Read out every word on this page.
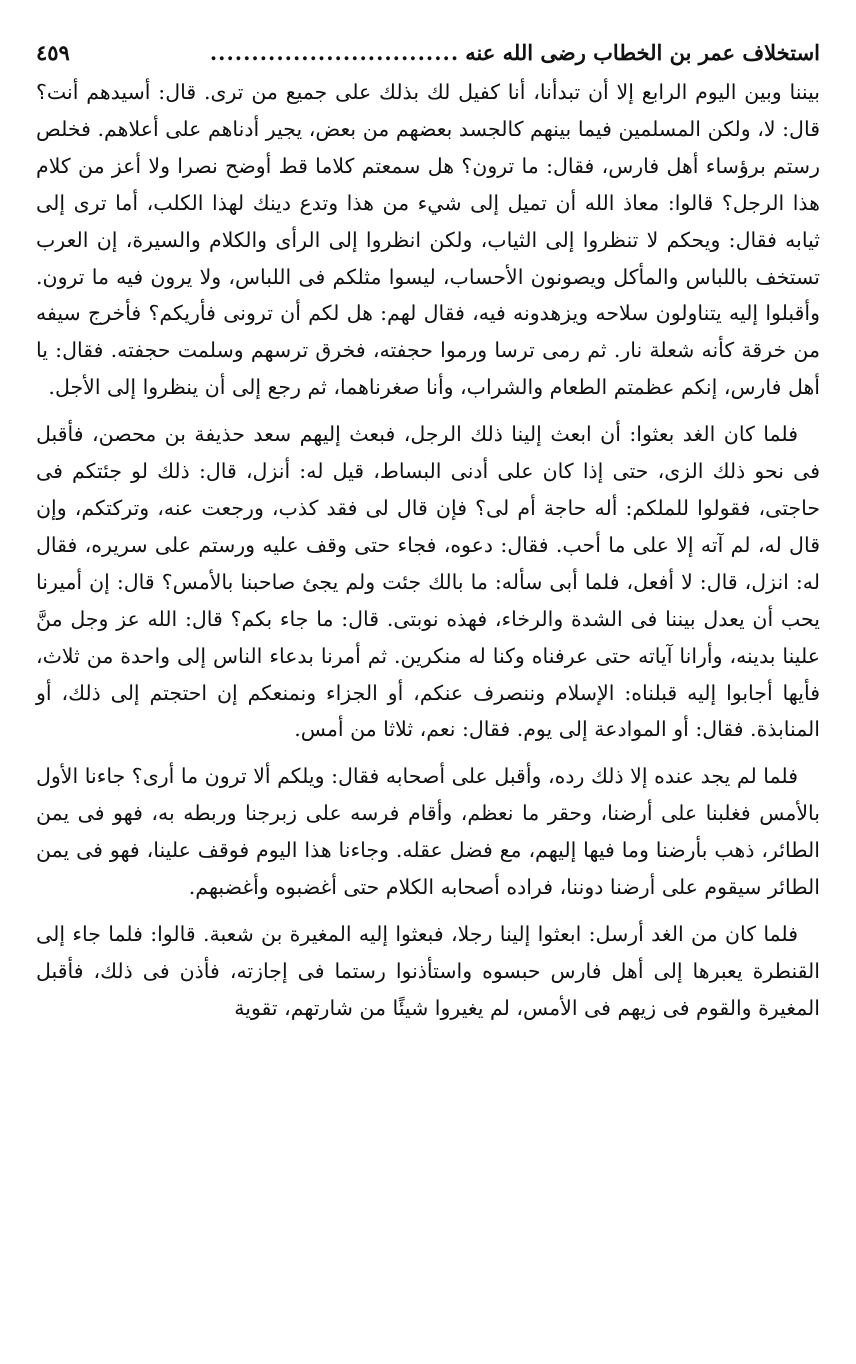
استخلاف عمر بن الخطاب رضى الله عنه
..............................
٤٥٩

بيننا وبين اليوم الرابع إلا أن تبدأنا، أنا كفيل لك بذلك على جميع من ترى. قال: أسيدهم أنت؟ قال: لا، ولكن المسلمين فيما بينهم كالجسد بعضهم من بعض، يجير أدناهم على أعلاهم. فخلص رستم برؤساء أهل فارس، فقال: ما ترون؟ هل سمعتم كلاما قط أوضح نصرا ولا أعز من كلام هذا الرجل؟ قالوا: معاذ الله أن تميل إلى شيء من هذا وتدع دينك لهذا الكلب، أما ترى إلى ثيابه فقال: ويحكم لا تنظروا إلى الثياب، ولكن انظروا إلى الرأى والكلام والسيرة، إن العرب تستخف باللباس والمأكل ويصونون الأحساب، ليسوا مثلكم فى اللباس، ولا يرون فيه ما ترون. وأقبلوا إليه يتناولون سلاحه ويزهدونه فيه، فقال لهم: هل لكم أن ترونى فأريكم؟ فأخرج سيفه من خرقة كأنه شعلة نار. ثم رمى ترسا ورموا حجفته، فخرق ترسهم وسلمت حجفته. فقال: يا أهل فارس، إنكم عظمتم الطعام والشراب، وأنا صغرناهما، ثم رجع إلى أن ينظروا إلى الأجل.

فلما كان الغد بعثوا: أن ابعث إلينا ذلك الرجل، فبعث إليهم سعد حذيفة بن محصن، فأقبل فى نحو ذلك الزى، حتى إذا كان على أدنى البساط، قيل له: أنزل، قال: ذلك لو جئتكم فى حاجتى، فقولوا للملكم: أله حاجة أم لى؟ فإن قال لى فقد كذب، ورجعت عنه، وتركتكم، وإن قال له، لم آته إلا على ما أحب. فقال: دعوه، فجاء حتى وقف عليه ورستم على سريره، فقال له: انزل، قال: لا أفعل، فلما أبى سأله: ما بالك جئت ولم يجئ صاحبنا بالأمس؟ قال: إن أميرنا يحب أن يعدل بيننا فى الشدة والرخاء، فهذه نوبتى. قال: ما جاء بكم؟ قال: الله عز وجل منَّ علينا بدينه، وأرانا آياته حتى عرفناه وكنا له منكرين. ثم أمرنا بدعاء الناس إلى واحدة من ثلاث، فأيها أجابوا إليه قبلناه: الإسلام وننصرف عنكم، أو الجزاء ونمنعكم إن احتجتم إلى ذلك، أو المنابذة. فقال: أو الموادعة إلى يوم. فقال: نعم، ثلاثا من أمس.

فلما لم يجد عنده إلا ذلك رده، وأقبل على أصحابه فقال: ويلكم ألا ترون ما أرى؟ جاءنا الأول بالأمس فغلبنا على أرضنا، وحقر ما نعظم، وأقام فرسه على زبرجنا وربطه به، فهو فى يمن الطائر، ذهب بأرضنا وما فيها إليهم، مع فضل عقله. وجاءنا هذا اليوم فوقف علينا، فهو فى يمن الطائر سيقوم على أرضنا دوننا، فراده أصحابه الكلام حتى أغضبوه وأغضبهم.

فلما كان من الغد أرسل: ابعثوا إلينا رجلا، فبعثوا إليه المغيرة بن شعبة. قالوا: فلما جاء إلى القنطرة يعبرها إلى أهل فارس حبسوه واستأذنوا رستما فى إجازته، فأذن فى ذلك، فأقبل المغيرة والقوم فى زيهم فى الأمس، لم يغيروا شيئًا من شارتهم، تقوية
